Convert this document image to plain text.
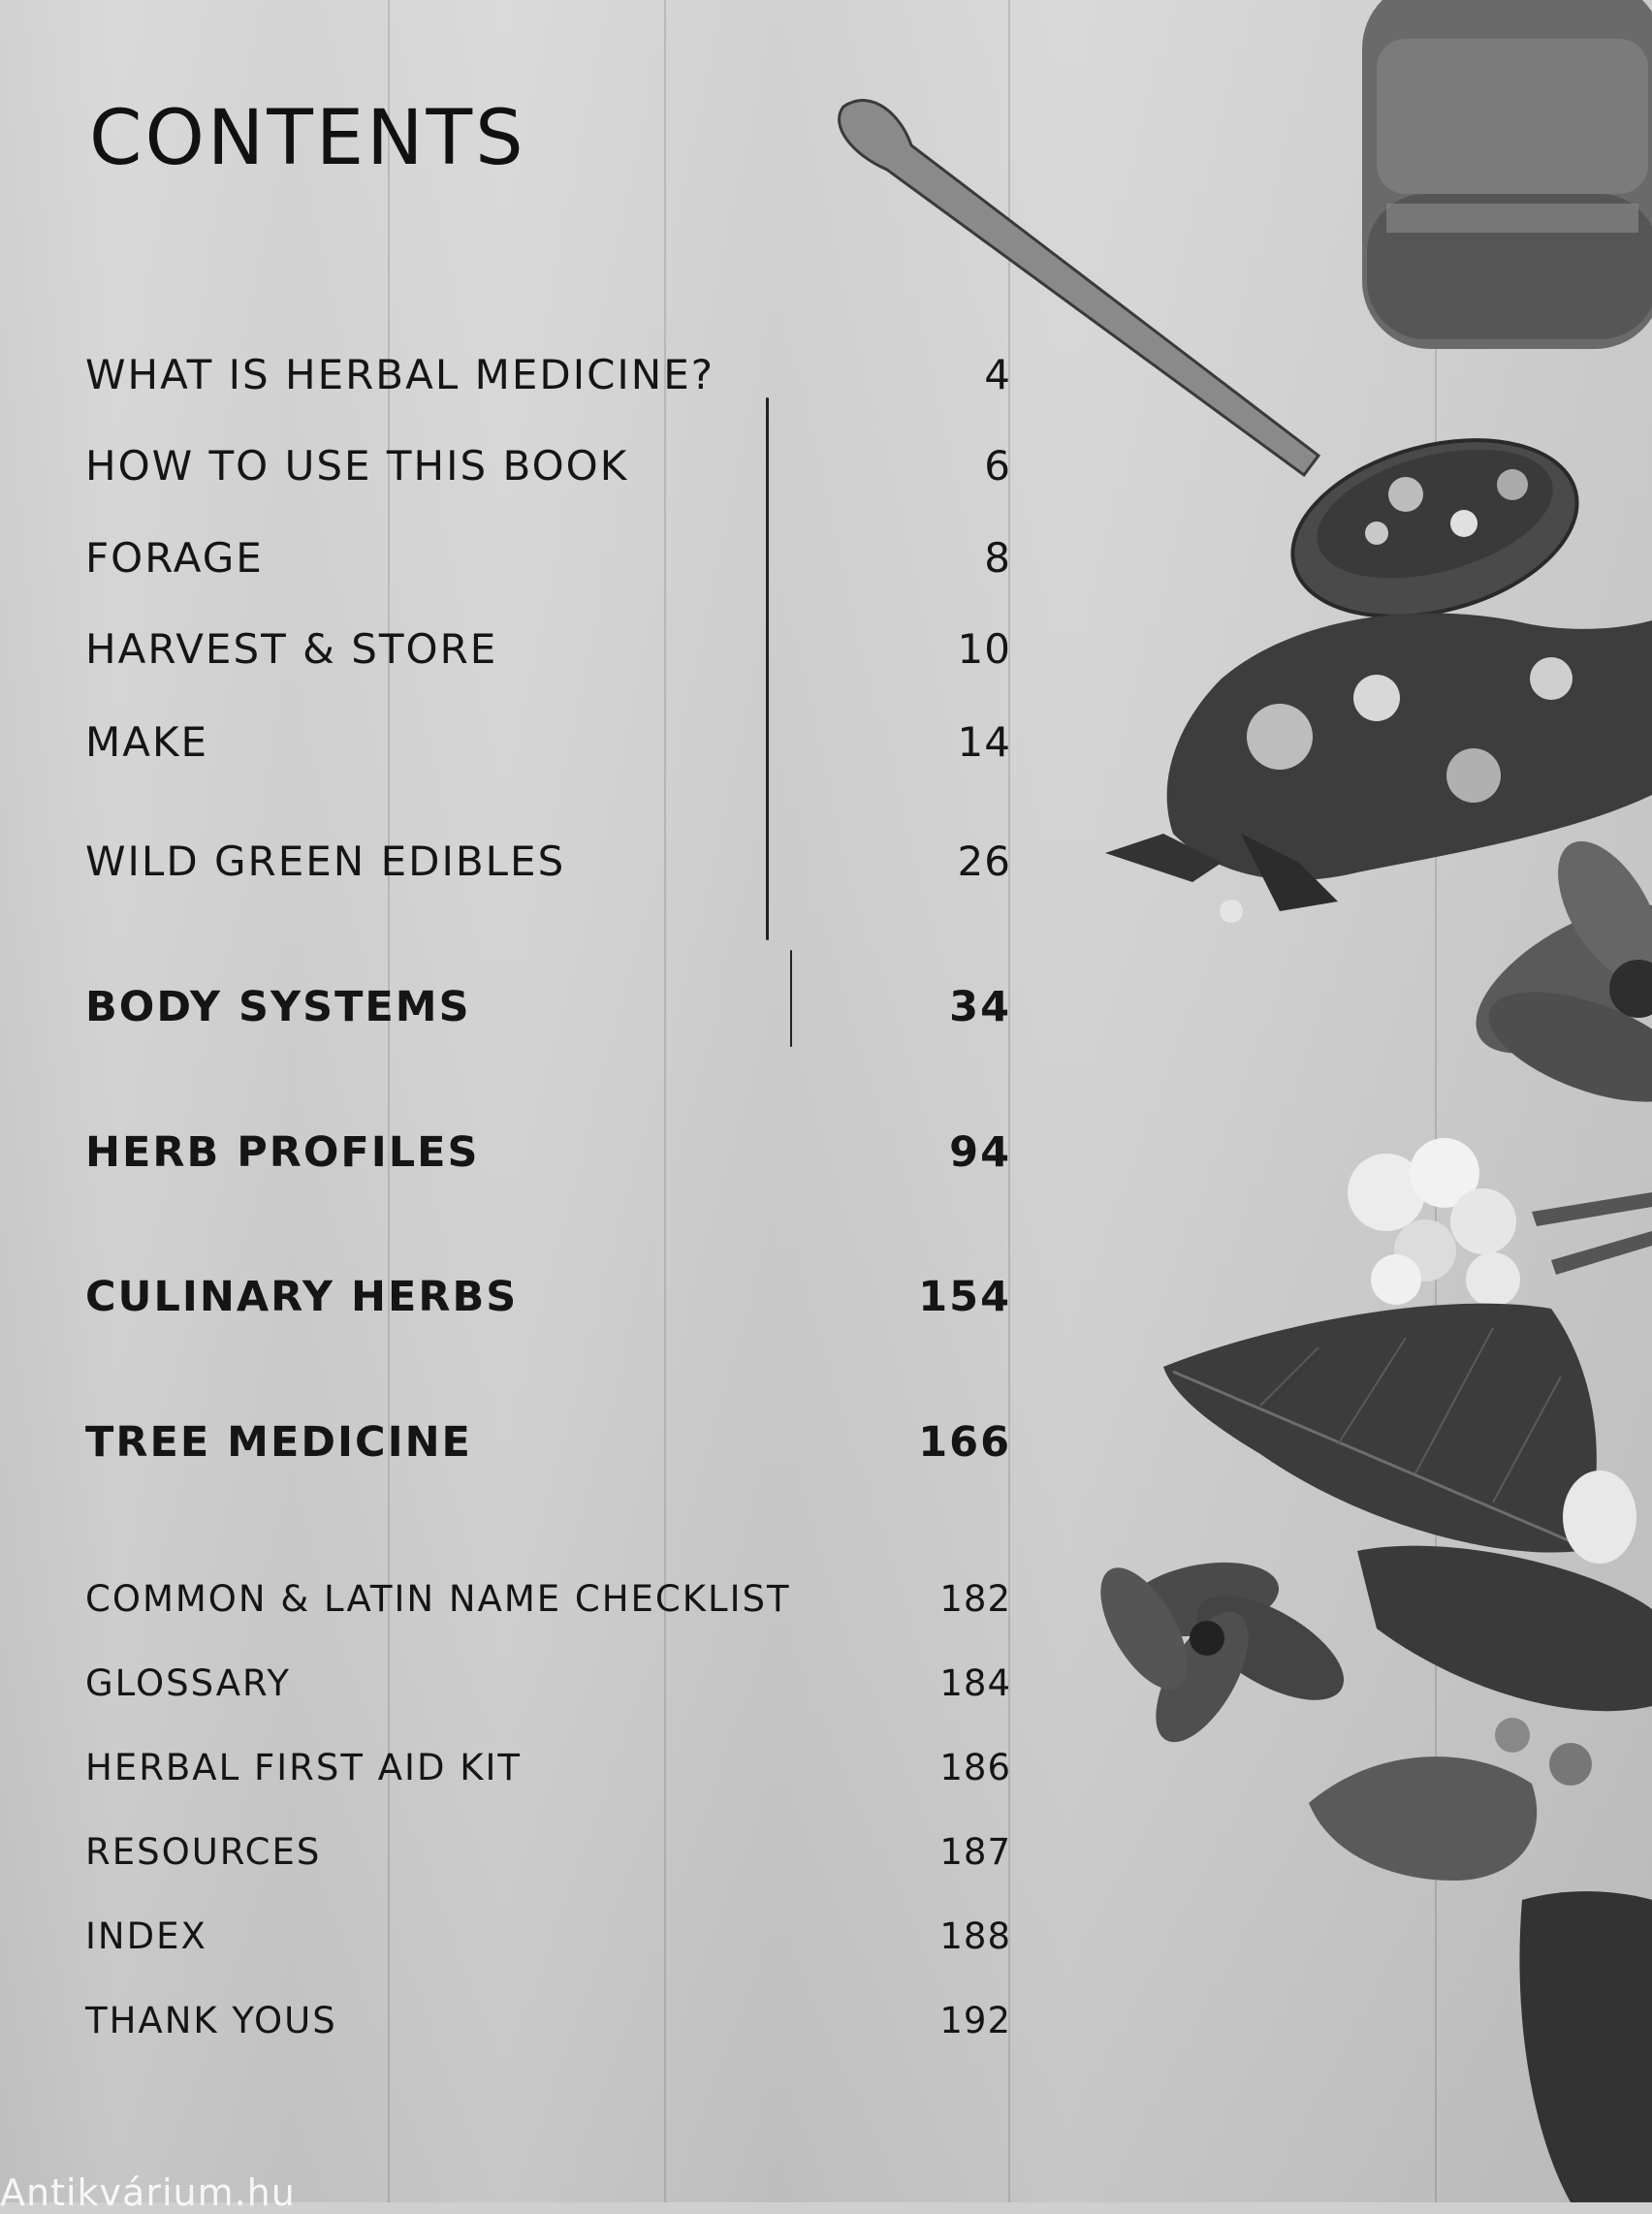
CONTENTS
WHAT IS HERBAL MEDICINE?	4
HOW TO USE THIS BOOK	6
FORAGE	8
HARVEST & STORE	10
MAKE	14
WILD GREEN EDIBLES	26
BODY SYSTEMS	34
HERB PROFILES	94
CULINARY HERBS	154
TREE MEDICINE	166
COMMON & LATIN NAME CHECKLIST	182
GLOSSARY	184
HERBAL FIRST AID KIT	186
RESOURCES	187
INDEX	188
THANK YOUS	192
Antikvárium.hu
